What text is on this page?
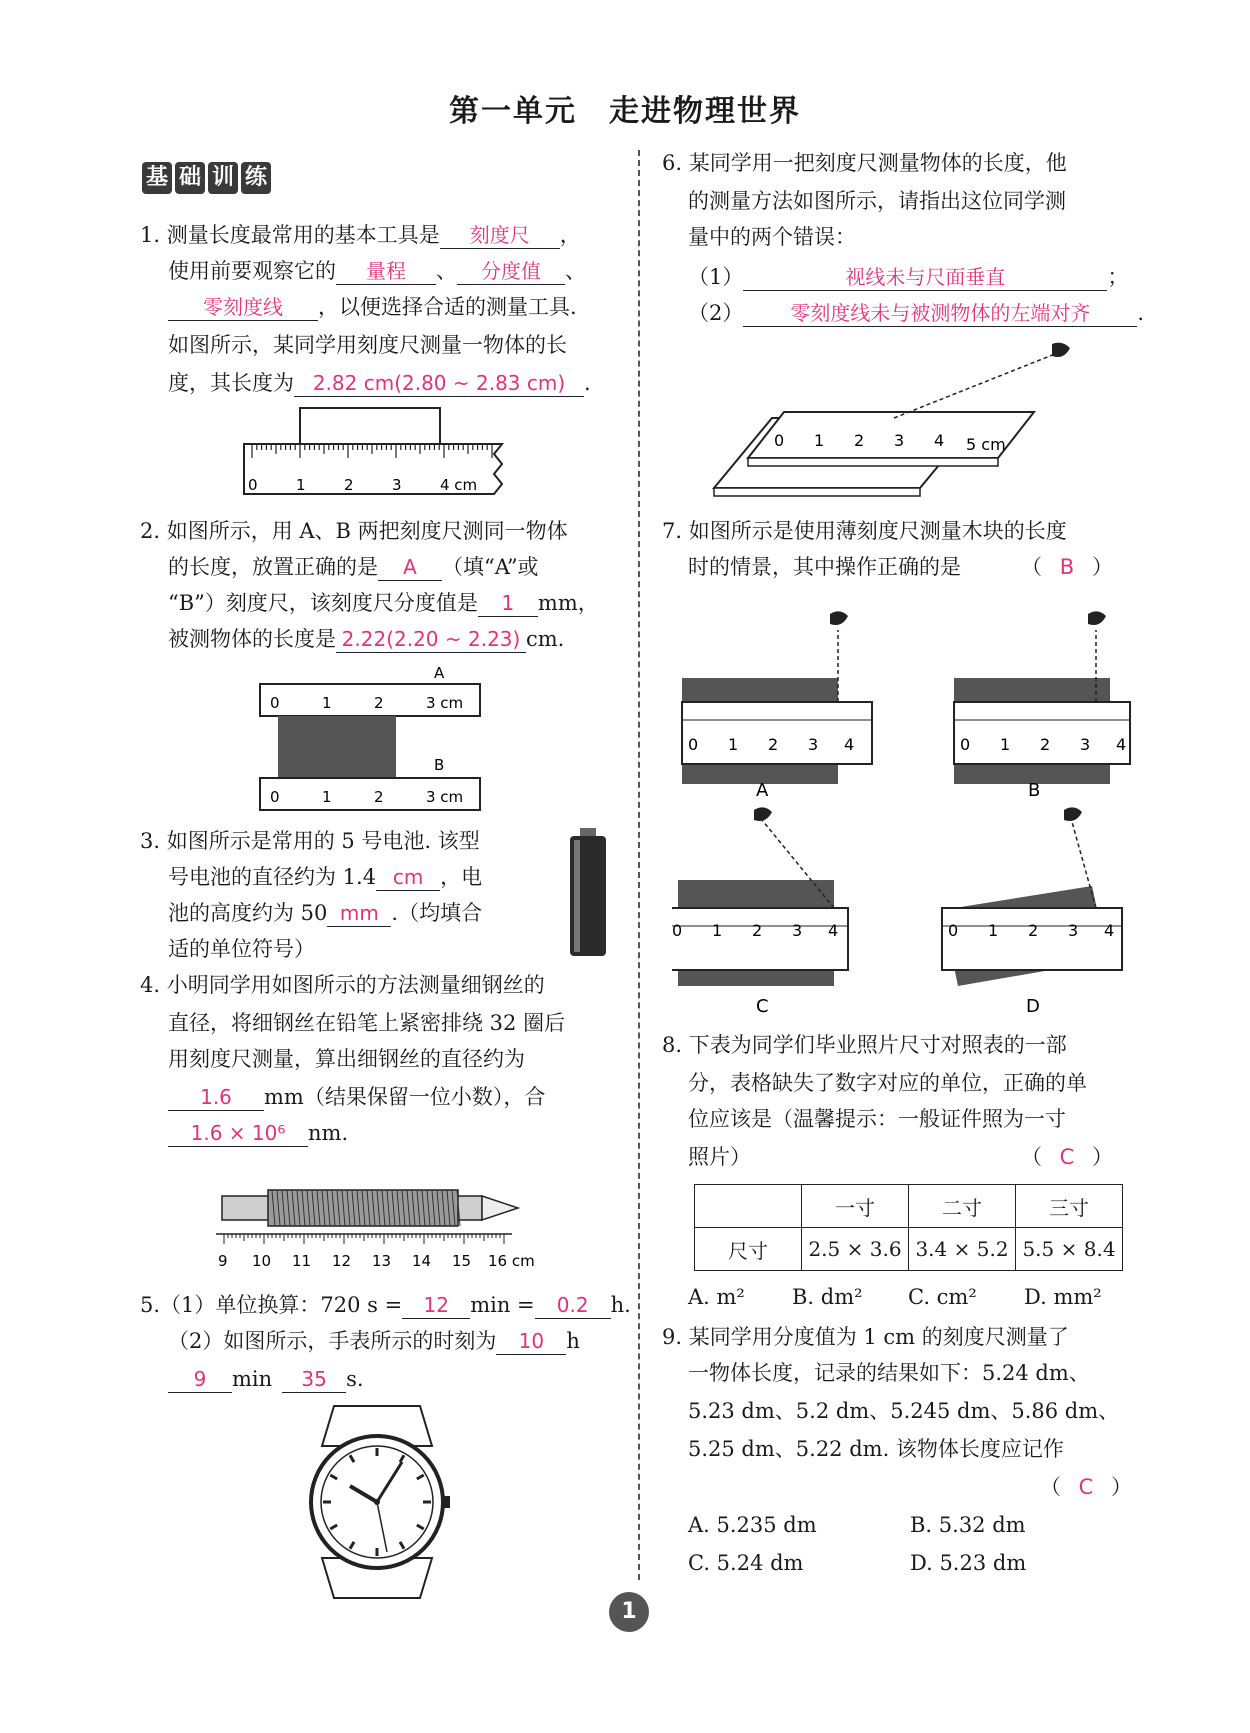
第一单元　走进物理世界
基 础 训 练
1. 测量长度最常用的基本工具是 刻度尺 ，
使用前要观察它的 量程 、 分度值 、
零刻度线 ，以便选择合适的测量工具.
如图所示，某同学用刻度尺测量一物体的长
度，其长度为 2.82 cm(2.80 ~ 2.83 cm) .
0	1	2	3	4 cm
2. 如图所示，用 A、B 两把刻度尺测同一物体
的长度，放置正确的是 A （填“A”或
“B”）刻度尺，该刻度尺分度值是 1 mm，
被测物体的长度是 2.22(2.20 ~ 2.23) cm.
A
B
0	1	2	3 cm
0	1	2	3 cm
3. 如图所示是常用的 5 号电池. 该型
号电池的直径约为 1.4 cm ，电
池的高度约为 50 mm .（均填合
适的单位符号）
4. 小明同学用如图所示的方法测量细钢丝的
直径，将细钢丝在铅笔上紧密排绕 32 圈后
用刻度尺测量，算出细钢丝的直径约为
1.6 mm（结果保留一位小数），合
1.6 × 10⁶ nm.
9 10 11 12 13 14 15 16 cm
5.（1）单位换算：720 s = 12 min = 0.2 h.
（2）如图所示，手表所示的时刻为 10 h
9 min 35 s.
6. 某同学用一把刻度尺测量物体的长度，他
的测量方法如图所示，请指出这位同学测
量中的两个错误：
（1）	视线未与尺面垂直	；
（2） 零刻度线未与被测物体的左端对齐 .
0 1 2 3 4 5 cm
7. 如图所示是使用薄刻度尺测量木块的长度
时的情景，其中操作正确的是	（ B ）
0 1 2 3 4
A
0 1 2 3 4
B
0 1 2 3 4
C
0 1 2 3 4
D
8. 下表为同学们毕业照片尺寸对照表的一部
分，表格缺失了数字对应的单位，正确的单
位应该是（温馨提示：一般证件照为一寸
照片）	（ C ）
	一寸	二寸	三寸
尺寸	2.5 × 3.6	3.4 × 5.2	5.5 × 8.4
A. m² B. dm² C. cm² D. mm²
9. 某同学用分度值为 1 cm 的刻度尺测量了
一物体长度，记录的结果如下：5.24 dm、
5.23 dm、5.2 dm、5.245 dm、5.86 dm、
5.25 dm、5.22 dm. 该物体长度应记作
（ C ）
A. 5.235 dm	B. 5.32 dm
C. 5.24 dm	D. 5.23 dm
1
